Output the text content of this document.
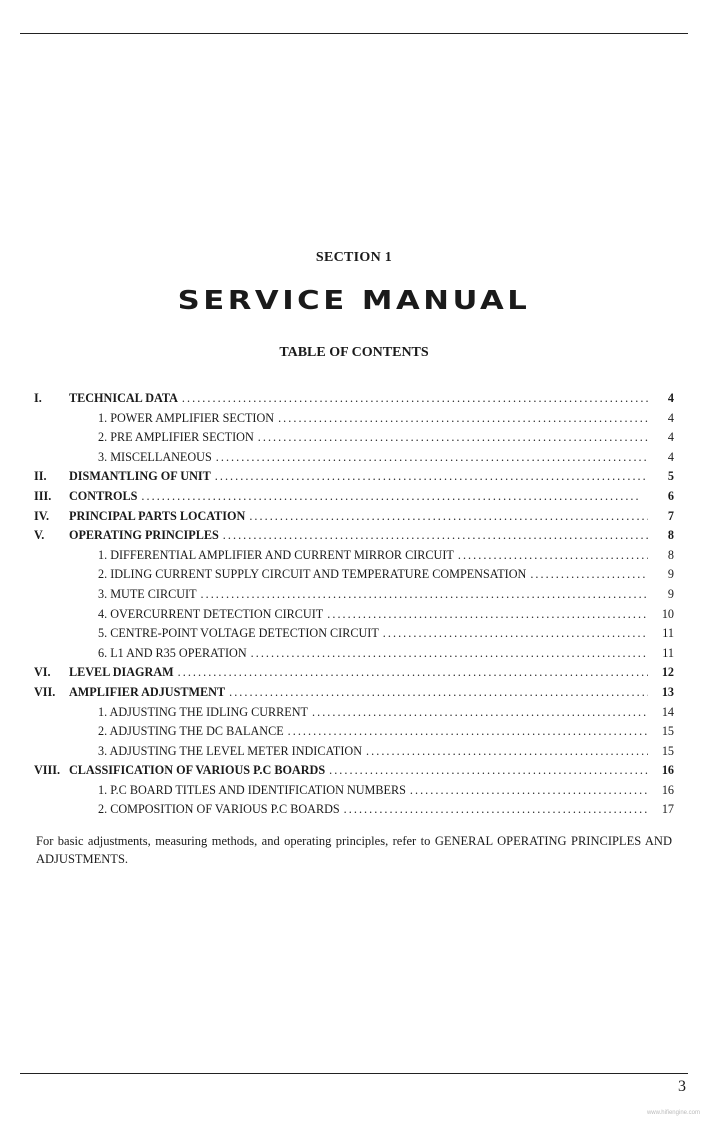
SECTION 1
SERVICE MANUAL
TABLE OF CONTENTS
I.	TECHNICAL DATA . . .	4
1. POWER AMPLIFIER SECTION . . .	4
2. PRE AMPLIFIER SECTION . . .	4
3. MISCELLANEOUS . . .	4
II.	DISMANTLING OF UNIT . . .	5
III.	CONTROLS . . .	6
IV.	PRINCIPAL PARTS LOCATION . . .	7
V.	OPERATING PRINCIPLES . . .	8
1. DIFFERENTIAL AMPLIFIER AND CURRENT MIRROR CIRCUIT . . .	8
2. IDLING CURRENT SUPPLY CIRCUIT AND TEMPERATURE COMPENSATION . . .	9
3. MUTE CIRCUIT . . .	9
4. OVERCURRENT DETECTION CIRCUIT . . .	10
5. CENTRE-POINT VOLTAGE DETECTION CIRCUIT . . .	11
6. L1 AND R35 OPERATION . . .	11
VI.	LEVEL DIAGRAM . . .	12
VII.	AMPLIFIER ADJUSTMENT . . .	13
1. ADJUSTING THE IDLING CURRENT . . .	14
2. ADJUSTING THE DC BALANCE . . .	15
3. ADJUSTING THE LEVEL METER INDICATION . . .	15
VIII. CLASSIFICATION OF VARIOUS P.C BOARDS . . .	16
1. P.C BOARD TITLES AND IDENTIFICATION NUMBERS . . .	16
2. COMPOSITION OF VARIOUS P.C BOARDS . . .	17
For basic adjustments, measuring methods, and operating principles, refer to GENERAL OPERATING PRINCIPLES AND ADJUSTMENTS.
3
www.hifiengine.com
